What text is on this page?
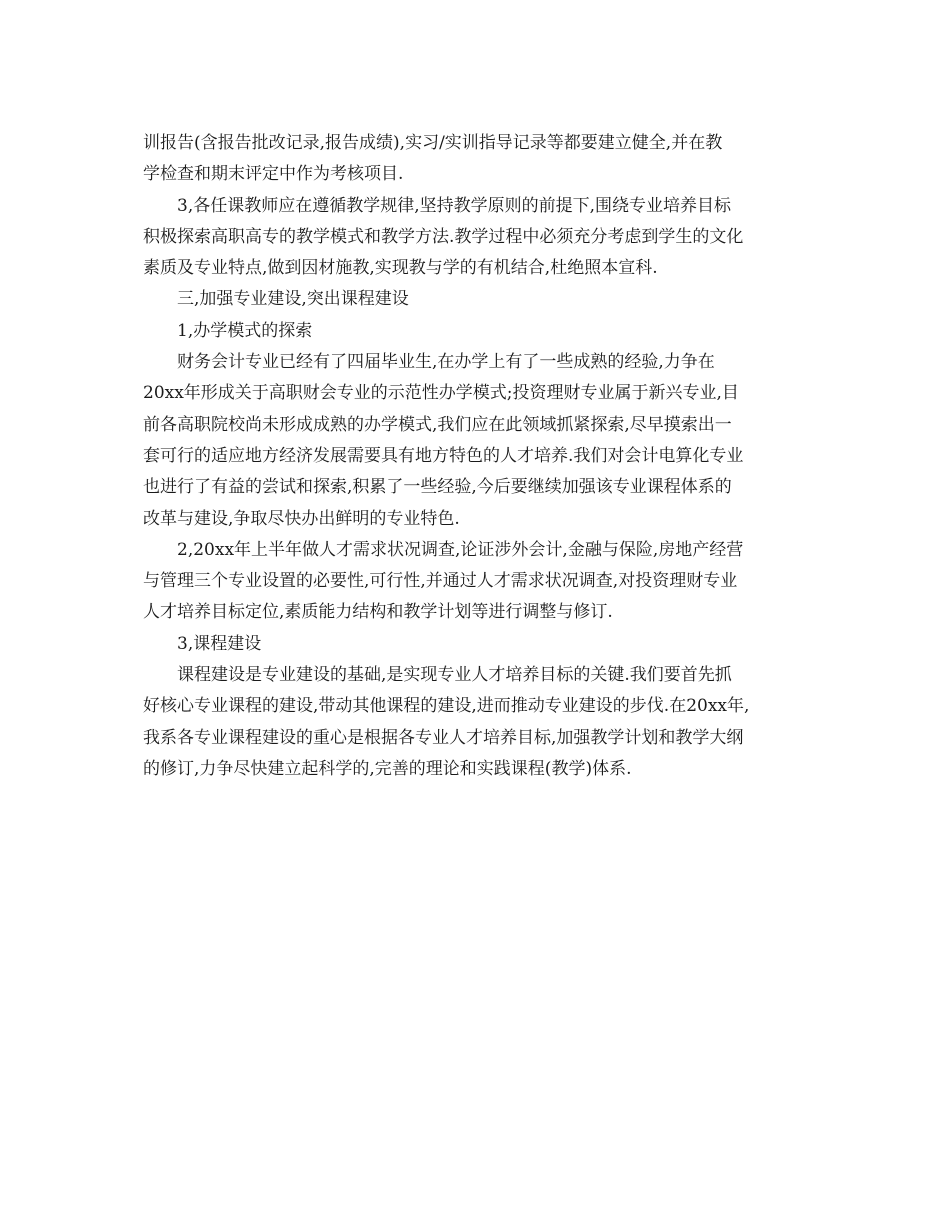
训报告(含报告批改记录,报告成绩),实习/实训指导记录等都要建立健全,并在教
学检查和期末评定中作为考核项目.
3,各任课教师应在遵循教学规律,坚持教学原则的前提下,围绕专业培养目标
积极探索高职高专的教学模式和教学方法.教学过程中必须充分考虑到学生的文化
素质及专业特点,做到因材施教,实现教与学的有机结合,杜绝照本宣科.
三,加强专业建设,突出课程建设
1,办学模式的探索
财务会计专业已经有了四届毕业生,在办学上有了一些成熟的经验,力争在
20xx年形成关于高职财会专业的示范性办学模式;投资理财专业属于新兴专业,目
前各高职院校尚未形成成熟的办学模式,我们应在此领域抓紧探索,尽早摸索出一
套可行的适应地方经济发展需要具有地方特色的人才培养.我们对会计电算化专业
也进行了有益的尝试和探索,积累了一些经验,今后要继续加强该专业课程体系的
改革与建设,争取尽快办出鲜明的专业特色.
2,20xx年上半年做人才需求状况调查,论证涉外会计,金融与保险,房地产经营
与管理三个专业设置的必要性,可行性,并通过人才需求状况调查,对投资理财专业
人才培养目标定位,素质能力结构和教学计划等进行调整与修订.
3,课程建设
课程建设是专业建设的基础,是实现专业人才培养目标的关键.我们要首先抓
好核心专业课程的建设,带动其他课程的建设,进而推动专业建设的步伐.在20xx年,
我系各专业课程建设的重心是根据各专业人才培养目标,加强教学计划和教学大纲
的修订,力争尽快建立起科学的,完善的理论和实践课程(教学)体系.
